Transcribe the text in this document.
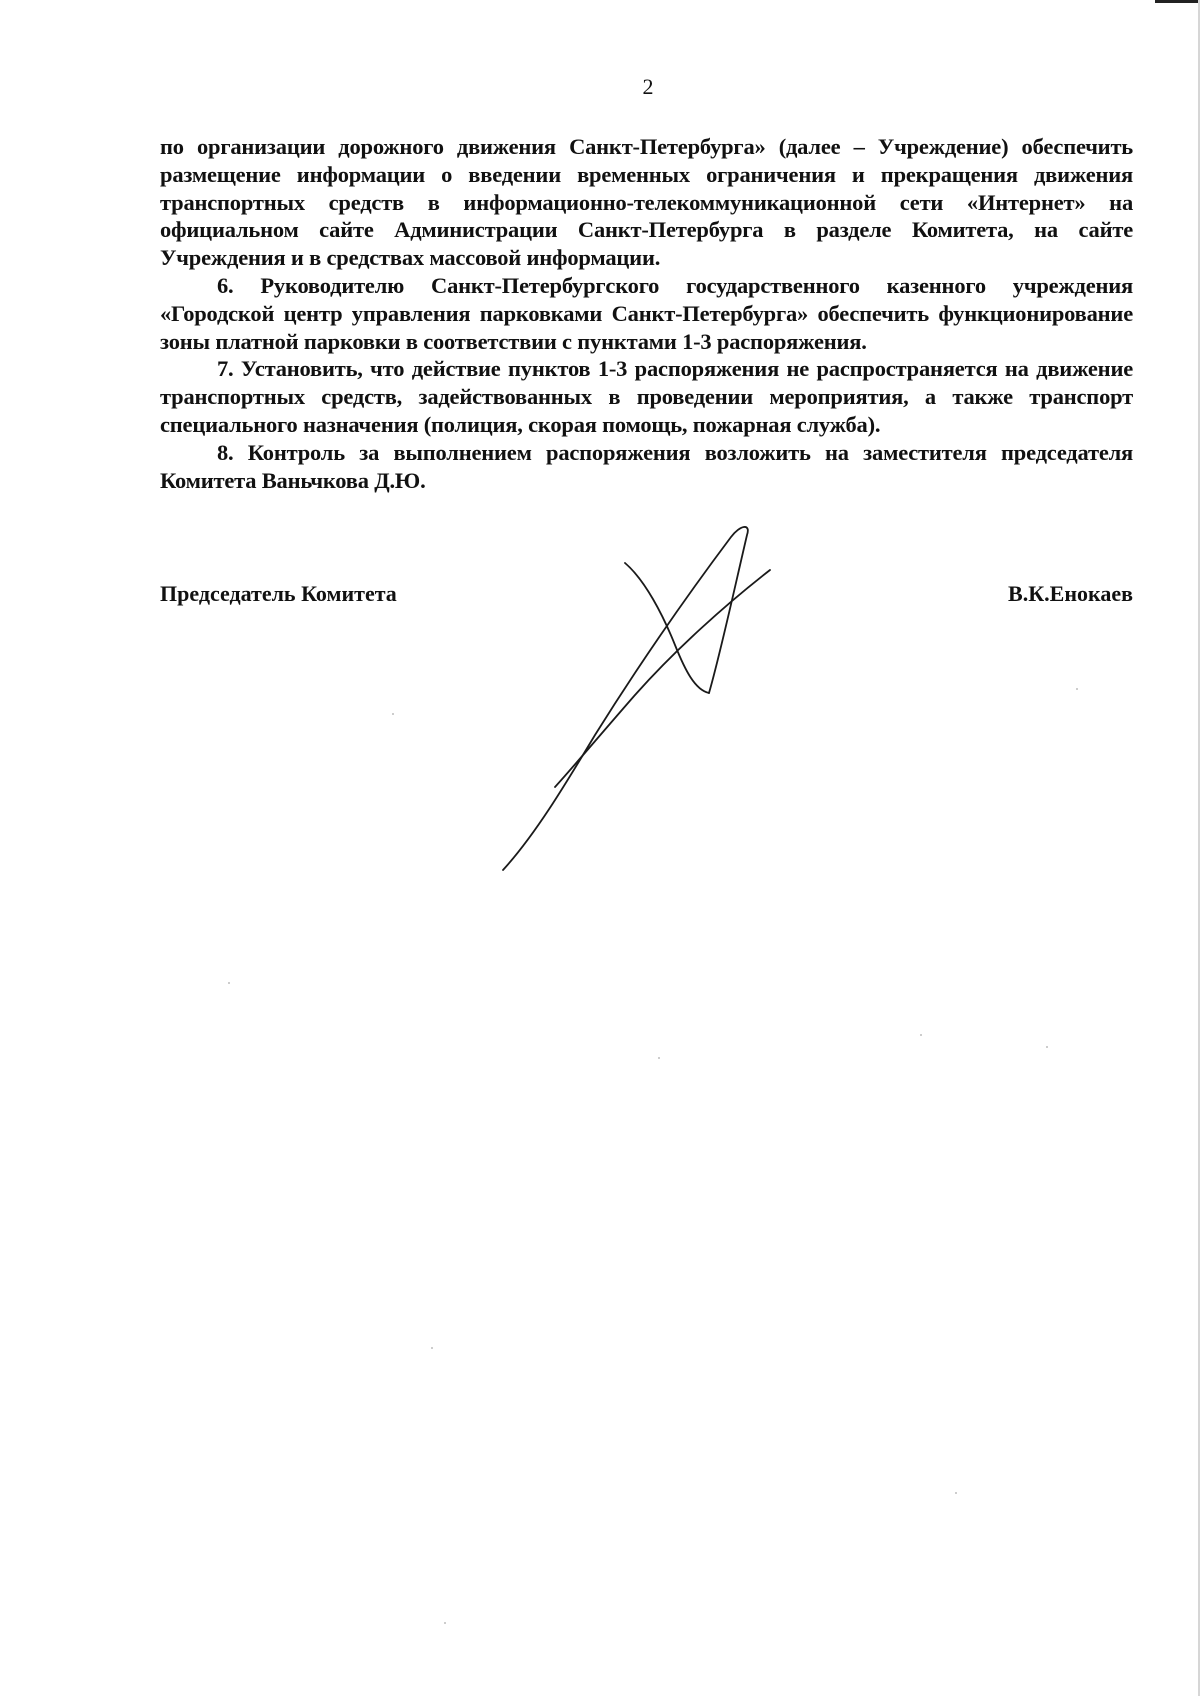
2

по организации дорожного движения Санкт-Петербурга» (далее – Учреждение) обеспечить размещение информации о введении временных ограничения и прекращения движения транспортных средств в информационно-телекоммуникационной сети «Интернет» на официальном сайте Администрации Санкт-Петербурга в разделе Комитета, на сайте Учреждения и в средствах массовой информации.

6. Руководителю Санкт-Петербургского государственного казенного учреждения «Городской центр управления парковками Санкт-Петербурга» обеспечить функционирование зоны платной парковки в соответствии с пунктами 1-3 распоряжения.

7. Установить, что действие пунктов 1-3 распоряжения не распространяется на движение транспортных средств, задействованных в проведении мероприятия, а также транспорт специального назначения (полиция, скорая помощь, пожарная служба).

8. Контроль за выполнением распоряжения возложить на заместителя председателя Комитета Ваньчкова Д.Ю.

Председатель Комитета	В.К.Енокаев
